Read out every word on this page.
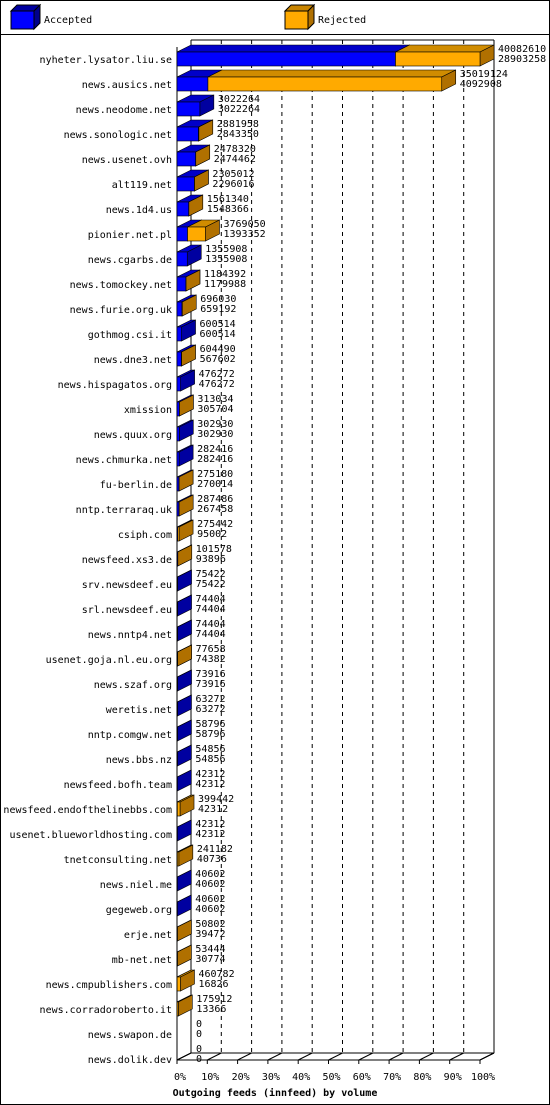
Accepted	Rejected
nyheter.lysator.liu.se
news.ausics.net
news.neodome.net
news.sonologic.net
news.usenet.ovh
alt119.net
news.1d4.us
pionier.net.pl
news.cgarbs.de
news.tomockey.net
news.furie.org.uk
gothmog.csi.it
news.dne3.net
news.hispagatos.org
xmission
news.quux.org
news.chmurka.net
fu-berlin.de
nntp.terraraq.uk
csiph.com
newsfeed.xs3.de
srv.newsdeef.eu
srl.newsdeef.eu
news.nntp4.net
usenet.goja.nl.eu.org
news.szaf.org
weretis.net
nntp.comgw.net
news.bbs.nz
newsfeed.bofh.team
newsfeed.endofthelinebbs.com
usenet.blueworldhosting.com
tnetconsulting.net
news.niel.me
gegeweb.org
erje.net
mb-net.net
news.cmpublishers.com
news.corradoroberto.it
news.swapon.de
news.dolik.dev
40082610
28903258
35019124
4092908
3022264
3022264
2881958
2843350
2478320
2474462
2305012
2296016
1561340
1548366
3769050
1393352
1355908
1355908
1184392
1179988
696030
659192
600514
600514
604490
567602
476272
476272
313034
305704
302930
302930
282416
282416
275180
270014
287486
267458
275442
95002
101578
93896
75422
75422
74404
74404
74404
74404
77658
74382
73916
73916
63272
63272
58796
58796
54856
54856
42312
42312
399442
42312
42312
42312
241182
40736
40602
40602
40602
40602
50802
39472
53444
30774
460782
16826
175912
13366
0
0
0
0
0% 10% 20% 30% 40% 50% 60% 70% 80% 90% 100%
Outgoing feeds (innfeed) by volume
